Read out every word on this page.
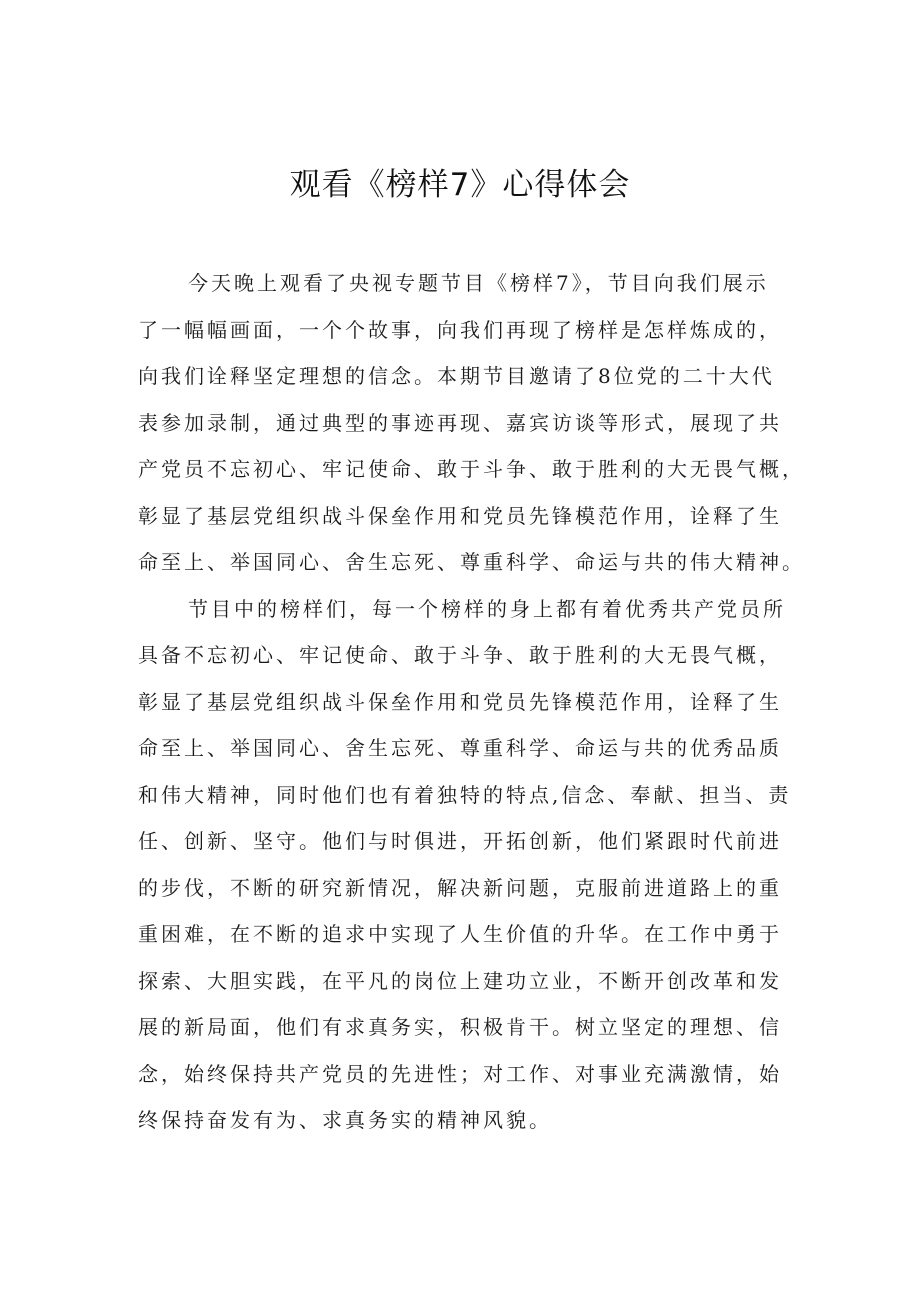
观看《榜样7》心得体会

今天晚上观看了央视专题节目《榜样7》，节目向我们展示
了一幅幅画面，一个个故事，向我们再现了榜样是怎样炼成的，
向我们诠释坚定理想的信念。本期节目邀请了8位党的二十大代
表参加录制，通过典型的事迹再现、嘉宾访谈等形式，展现了共
产党员不忘初心、牢记使命、敢于斗争、敢于胜利的大无畏气概，
彰显了基层党组织战斗保垒作用和党员先锋模范作用，诠释了生
命至上、举国同心、舍生忘死、尊重科学、命运与共的伟大精神。

节目中的榜样们，每一个榜样的身上都有着优秀共产党员所
具备不忘初心、牢记使命、敢于斗争、敢于胜利的大无畏气概，
彰显了基层党组织战斗保垒作用和党员先锋模范作用，诠释了生
命至上、举国同心、舍生忘死、尊重科学、命运与共的优秀品质
和伟大精神，同时他们也有着独特的特点,信念、奉献、担当、责
任、创新、坚守。他们与时俱进，开拓创新，他们紧跟时代前进
的步伐，不断的研究新情况，解决新问题，克服前进道路上的重
重困难，在不断的追求中实现了人生价值的升华。在工作中勇于
探索、大胆实践，在平凡的岗位上建功立业，不断开创改革和发
展的新局面，他们有求真务实，积极肯干。树立坚定的理想、信
念，始终保持共产党员的先进性；对工作、对事业充满激情，始
终保持奋发有为、求真务实的精神风貌。
